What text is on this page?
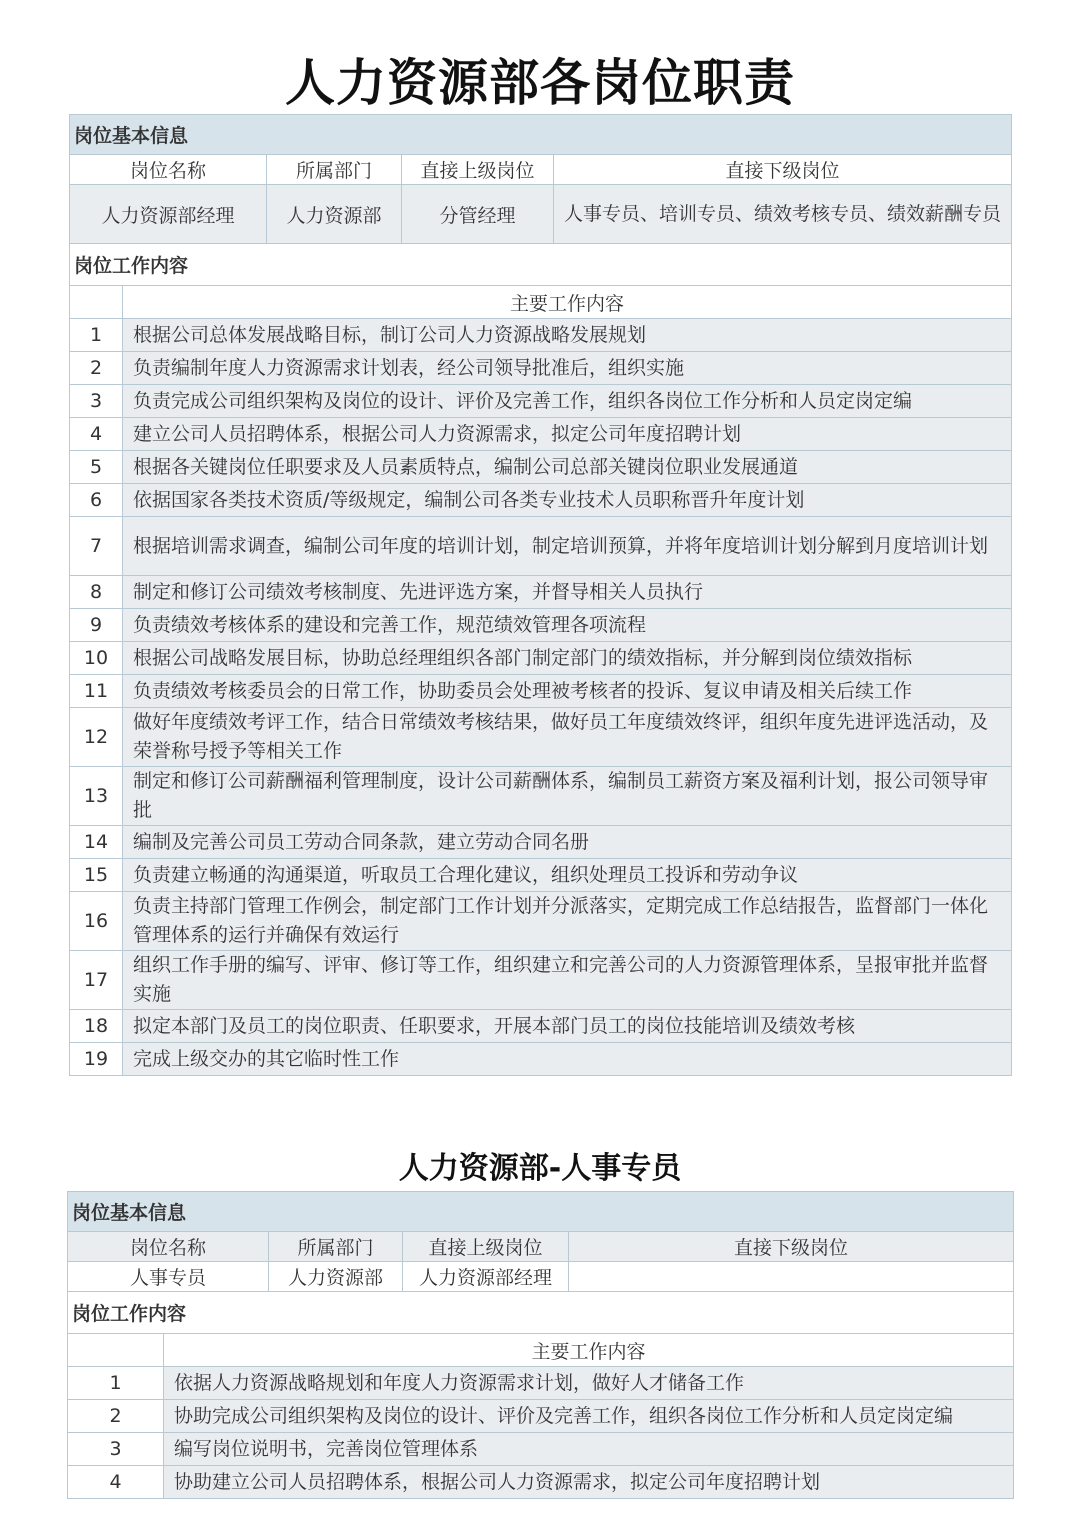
人力资源部各岗位职责
岗位基本信息				
岗位名称		所属部门	直接上级岗位	直接下级岗位
人力资源部经理		人力资源部	分管经理	人事专员、培训专员、绩效考核专员、绩效薪酬专员
岗位工作内容				
	主要工作内容			
1	根据公司总体发展战略目标，制订公司人力资源战略发展规划			
2	负责编制年度人力资源需求计划表，经公司领导批准后，组织实施			
3	负责完成公司组织架构及岗位的设计、评价及完善工作，组织各岗位工作分析和人员定岗定编			
4	建立公司人员招聘体系，根据公司人力资源需求，拟定公司年度招聘计划			
5	根据各关键岗位任职要求及人员素质特点，编制公司总部关键岗位职业发展通道			
6	依据国家各类技术资质/等级规定，编制公司各类专业技术人员职称晋升年度计划			
7	根据培训需求调查，编制公司年度的培训计划，制定培训预算，并将年度培训计划分解到月度培训计划			
8	制定和修订公司绩效考核制度、先进评选方案，并督导相关人员执行			
9	负责绩效考核体系的建设和完善工作，规范绩效管理各项流程			
10	根据公司战略发展目标，协助总经理组织各部门制定部门的绩效指标，并分解到岗位绩效指标			
11	负责绩效考核委员会的日常工作，协助委员会处理被考核者的投诉、复议申请及相关后续工作			
12	做好年度绩效考评工作，结合日常绩效考核结果，做好员工年度绩效终评，组织年度先进评选活动，及荣誉称号授予等相关工作			
13	制定和修订公司薪酬福利管理制度，设计公司薪酬体系，编制员工薪资方案及福利计划，报公司领导审批			
14	编制及完善公司员工劳动合同条款，建立劳动合同名册			
15	负责建立畅通的沟通渠道，听取员工合理化建议，组织处理员工投诉和劳动争议			
16	负责主持部门管理工作例会，制定部门工作计划并分派落实，定期完成工作总结报告，监督部门一体化管理体系的运行并确保有效运行			
17	组织工作手册的编写、评审、修订等工作，组织建立和完善公司的人力资源管理体系，呈报审批并监督实施			
18	拟定本部门及员工的岗位职责、任职要求，开展本部门员工的岗位技能培训及绩效考核			
19	完成上级交办的其它临时性工作			
人力资源部-人事专员
岗位基本信息				
岗位名称		所属部门	直接上级岗位	直接下级岗位
人事专员		人力资源部	人力资源部经理	
岗位工作内容				
	主要工作内容			
1	依据人力资源战略规划和年度人力资源需求计划，做好人才储备工作			
2	协助完成公司组织架构及岗位的设计、评价及完善工作，组织各岗位工作分析和人员定岗定编			
3	编写岗位说明书，完善岗位管理体系			
4	协助建立公司人员招聘体系，根据公司人力资源需求，拟定公司年度招聘计划			
